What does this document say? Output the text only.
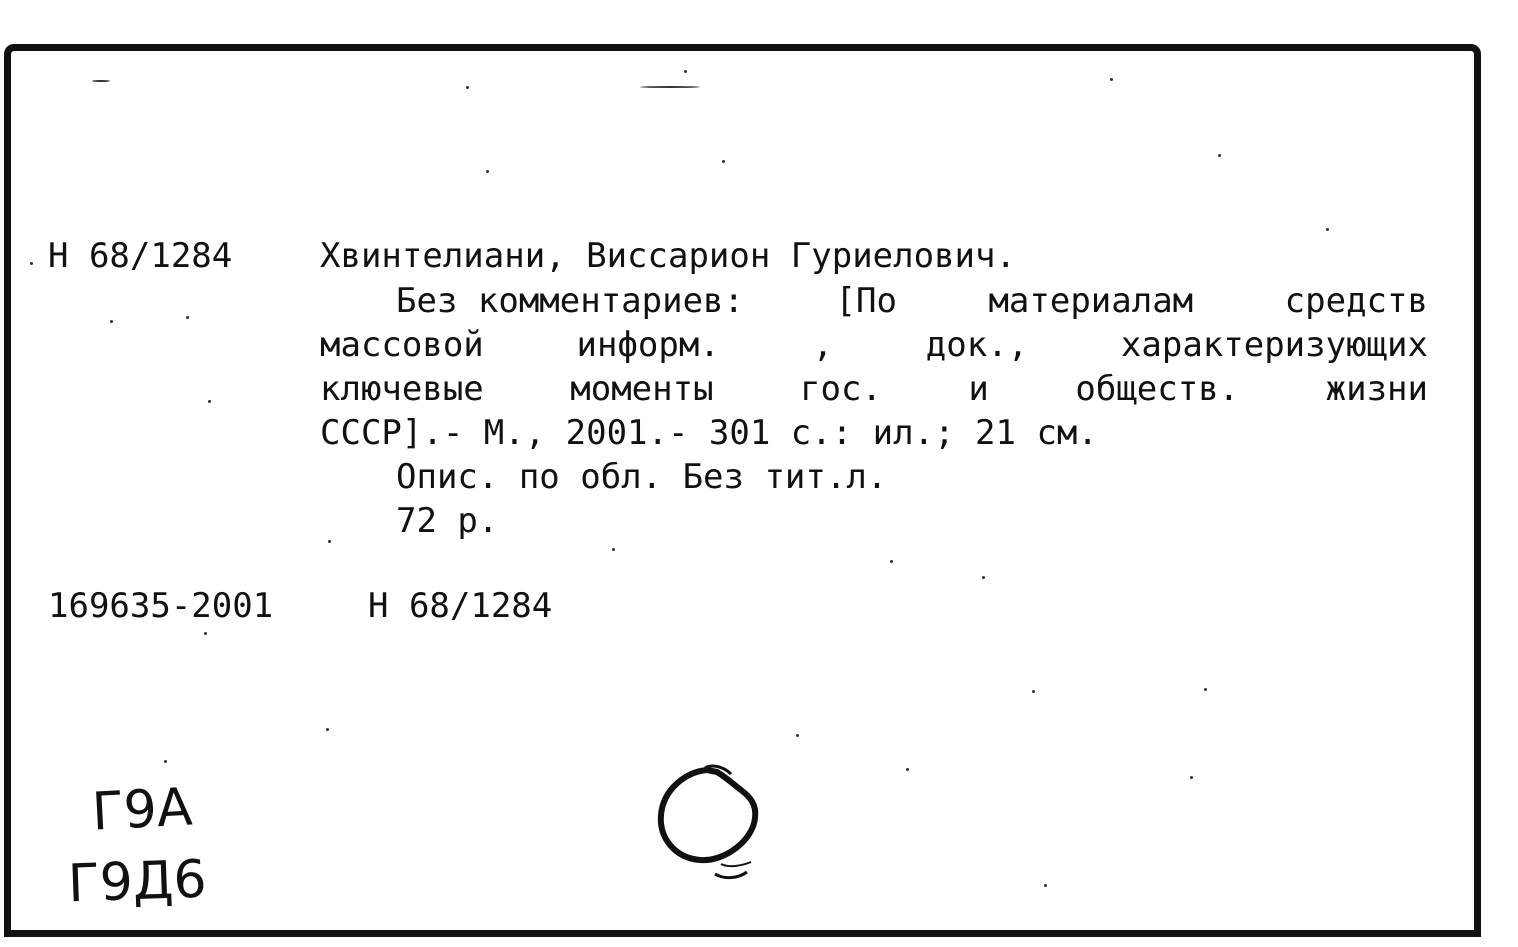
Н 68/1284	Хвинтелиани, Виссарион Гуриелович.

Без комментариев:	[По	материалам	средств
массовой	информ.	,	док.,	характеризующих
ключевые	моменты	гос.	и	обществ.	жизни

СССР].- М., 2001.- 301 с.: ил.; 21 см.

Опис. по обл. Без тит.л.

72 р.

169635-2001	Н 68/1284

Г9А
Г9Д6
